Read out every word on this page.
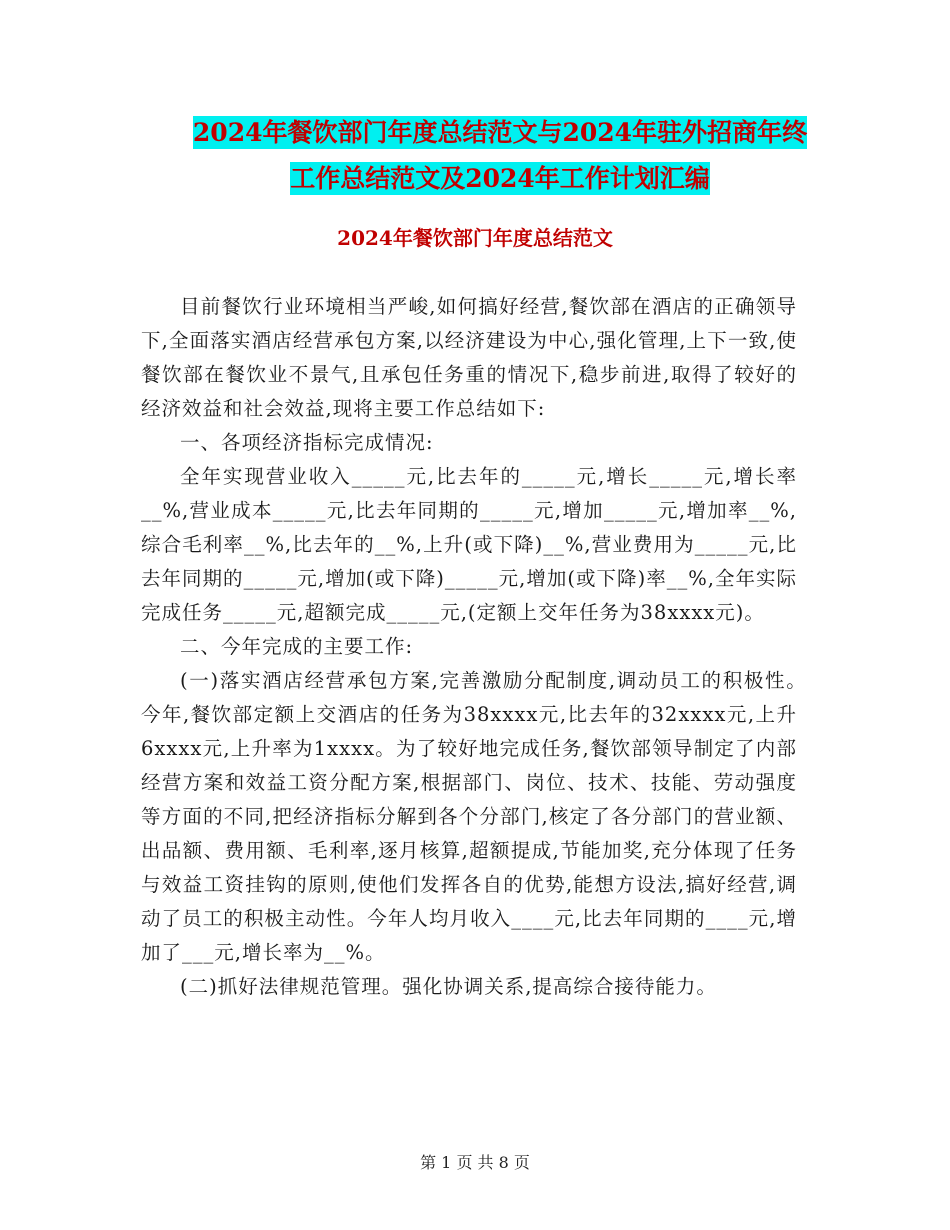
2024年餐饮部门年度总结范文与2024年驻外招商年终
工作总结范文及2024年工作计划汇编
2024年餐饮部门年度总结范文

目前餐饮行业环境相当严峻,如何搞好经营,餐饮部在酒店的正确领导下,全面落实酒店经营承包方案,以经济建设为中心,强化管理,上下一致,使餐饮部在餐饮业不景气,且承包任务重的情况下,稳步前进,取得了较好的经济效益和社会效益,现将主要工作总结如下:

一、各项经济指标完成情况:

全年实现营业收入_____元,比去年的_____元,增长_____元,增长率__%,营业成本_____元,比去年同期的_____元,增加_____元,增加率__%,综合毛利率__%,比去年的__%,上升(或下降)__%,营业费用为_____元,比去年同期的_____元,增加(或下降)_____元,增加(或下降)率__%,全年实际完成任务_____元,超额完成_____元,(定额上交年任务为38xxxx元)。

二、今年完成的主要工作:

(一)落实酒店经营承包方案,完善激励分配制度,调动员工的积极性。　　今年,餐饮部定额上交酒店的任务为38xxxx元,比去年的32xxxx元,上升6xxxx元,上升率为1xxxx。为了较好地完成任务,餐饮部领导制定了内部经营方案和效益工资分配方案,根据部门、岗位、技术、技能、劳动强度等方面的不同,把经济指标分解到各个分部门,核定了各分部门的营业额、出品额、费用额、毛利率,逐月核算,超额提成,节能加奖,充分体现了任务与效益工资挂钩的原则,使他们发挥各自的优势,能想方设法,搞好经营,调动了员工的积极主动性。今年人均月收入____元,比去年同期的____元,增加了___元,增长率为__%。

(二)抓好法律规范管理。强化协调关系,提高综合接待能力。

第 1 页 共 8 页
